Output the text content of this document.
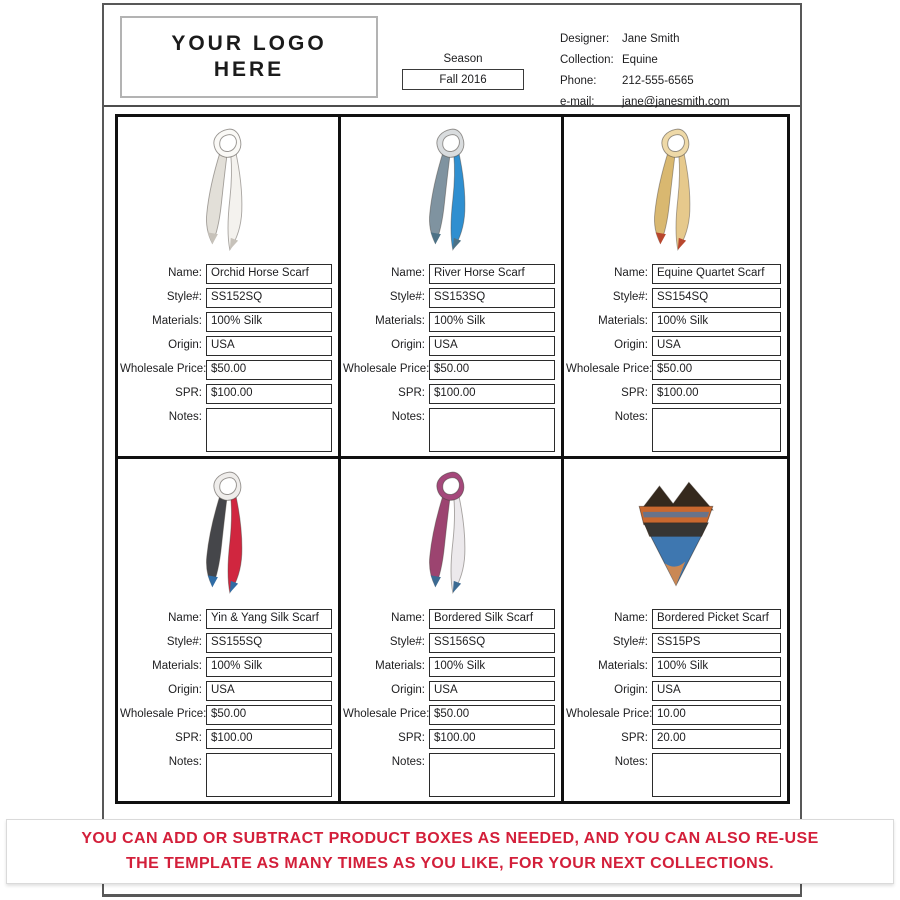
YOUR LOGO
HERE	Season
Fall 2016
Designer:	Jane Smith
Collection: Equine
Phone:	212-555-6565
e-mail:	jane@janesmith.com
Name: Orchid Horse Scarf
Style#: SS152SQ
Materials: 100% Silk
Origin: USA
Wholesale Price: $50.00
SPR: $100.00
Notes:
Name: River Horse Scarf
Style#: SS153SQ
Materials: 100% Silk
Origin: USA
Wholesale Price: $50.00
SPR: $100.00
Notes:
Name: Equine Quartet Scarf
Style#: SS154SQ
Materials: 100% Silk
Origin: USA
Wholesale Price: $50.00
SPR: $100.00
Notes:
Name: Yin & Yang Silk Scarf
Style#: SS155SQ
Materials: 100% Silk
Origin: USA
Wholesale Price: $50.00
SPR: $100.00
Notes:
Name: Bordered Silk Scarf
Style#: SS156SQ
Materials: 100% Silk
Origin: USA
Wholesale Price: $50.00
SPR: $100.00
Notes:
Name: Bordered Picket Scarf
Style#: SS15PS
Materials: 100% Silk
Origin: USA
Wholesale Price: 10.00
SPR: 20.00
Notes:

YOU CAN ADD OR SUBTRACT PRODUCT BOXES AS NEEDED, AND YOU CAN ALSO RE-USE THE TEMPLATE AS MANY TIMES AS YOU LIKE, FOR YOUR NEXT COLLECTIONS.
